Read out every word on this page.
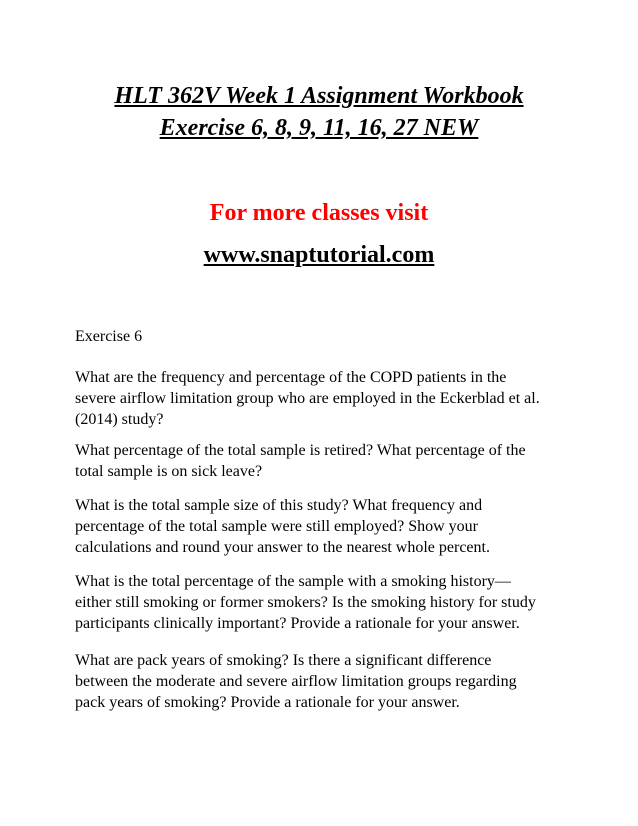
HLT 362V Week 1 Assignment Workbook
Exercise 6, 8, 9, 11, 16, 27 NEW
For more classes visit
www.snaptutorial.com
Exercise 6
What are the frequency and percentage of the COPD patients in the
severe airflow limitation group who are employed in the Eckerblad et al.
(2014) study?
What percentage of the total sample is retired? What percentage of the
total sample is on sick leave?
What is the total sample size of this study? What frequency and
percentage of the total sample were still employed? Show your
calculations and round your answer to the nearest whole percent.
What is the total percentage of the sample with a smoking history—
either still smoking or former smokers? Is the smoking history for study
participants clinically important? Provide a rationale for your answer.
What are pack years of smoking? Is there a significant difference
between the moderate and severe airflow limitation groups regarding
pack years of smoking? Provide a rationale for your answer.
